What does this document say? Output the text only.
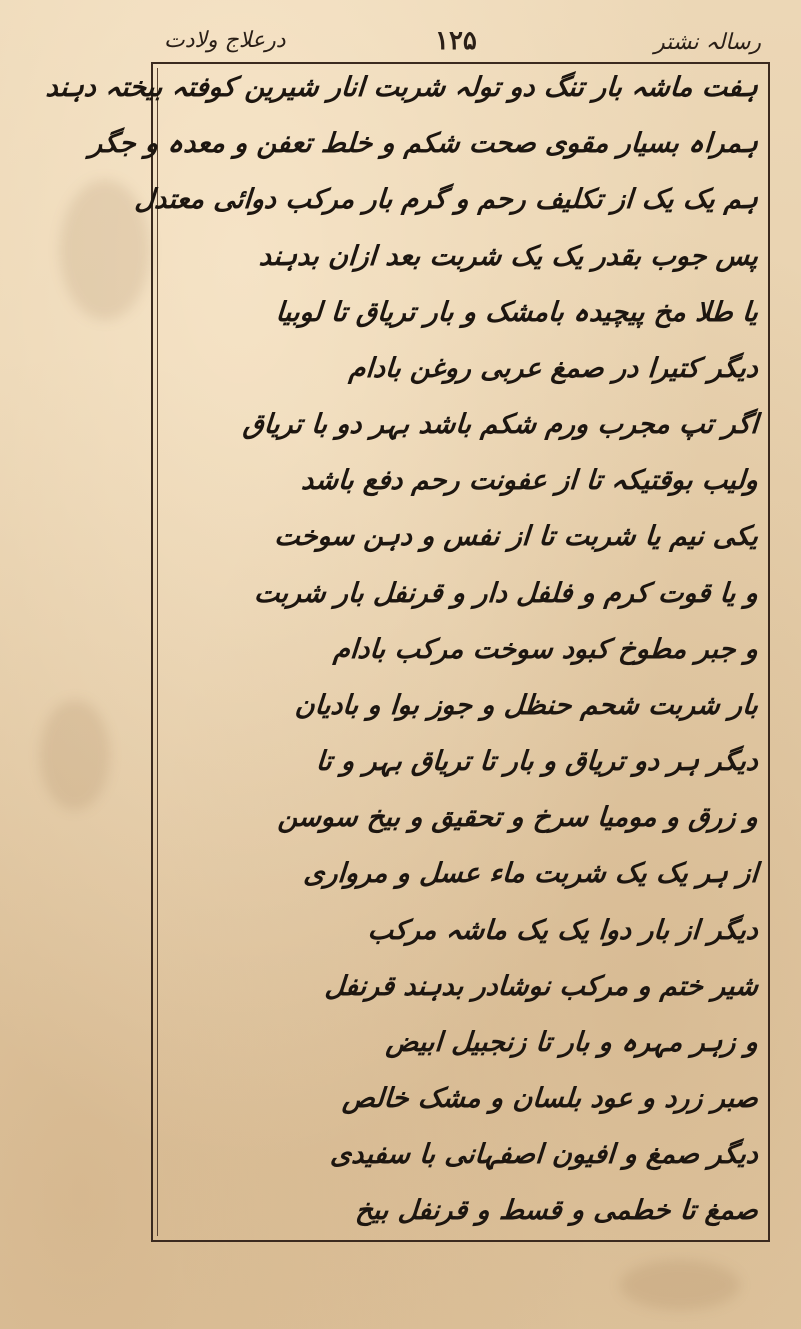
درعلاج ولادت	۱۲۵	رسالہ نشتر
ہفت ماشہ بار تنگ دو تولہ شربت انار شیرین کوفتہ بیختہ دہند
ہمراہ بسیار مقوی صحت شکم و خلط تعفن و معدہ و جگر
ہم یک یک از تکلیف رحم و گرم بار مرکب دوائی معتدل
پس جوب بقدر یک یک شربت بعد ازان بدہند
یا طلا مخ پیچیدہ بامشک و بار تریاق تا لوبیا
دیگر کتیرا در صمغ عربی روغن بادام
اگر تپ مجرب ورم شکم باشد بہر دو با تریاق
ولیب بوقتیکہ تا از عفونت رحم دفع باشد
یکی نیم یا شربت تا از نفس و دہن سوخت
و یا قوت کرم و فلفل دار و قرنفل بار شربت
و جبر مطوخ کبود سوخت مرکب بادام
بار شربت شحم حنظل و جوز بوا و بادیان
دیگر ہر دو تریاق و بار تا تریاق بہر و تا
و زرق و مومیا سرخ و تحقیق و بیخ سوسن
از ہر یک یک شربت ماء عسل و مرواری
دیگر از بار دوا یک یک ماشہ مرکب
شیر ختم و مرکب نوشادر بدہند قرنفل
و زہر مہرہ و بار تا زنجبیل ابیض
صبر زرد و عود بلسان و مشک خالص
دیگر صمغ و افیون اصفہانی با سفیدی
صمغ تا خطمی و قسط و قرنفل بیخ
